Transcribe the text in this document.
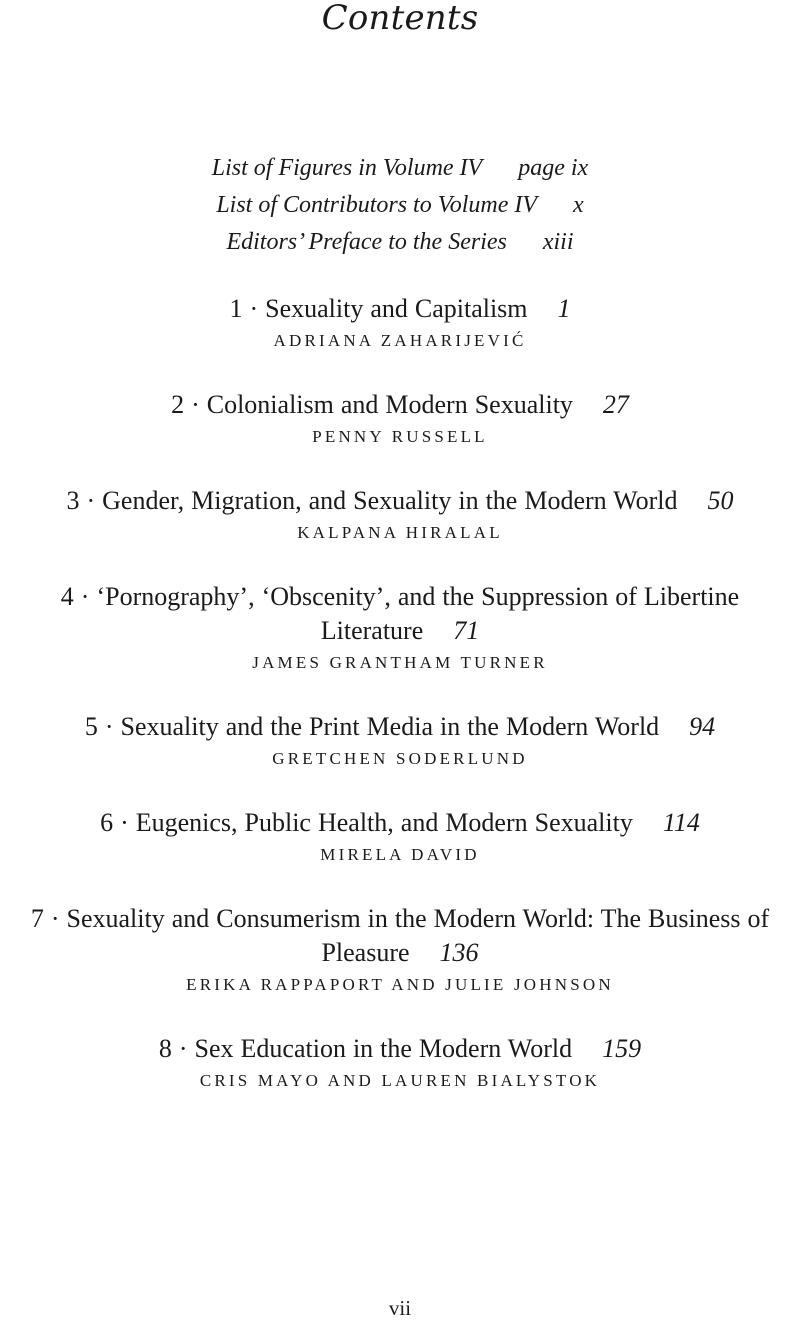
Contents
List of Figures in Volume IV page ix
List of Contributors to Volume IV x
Editors’ Preface to the Series xiii
1 · Sexuality and Capitalism 1
ADRIANA ZAHARIJEVIĆ
2 · Colonialism and Modern Sexuality 27
PENNY RUSSELL
3 · Gender, Migration, and Sexuality in the Modern World 50
KALPANA HIRALAL
4 · ‘Pornography’, ‘Obscenity’, and the Suppression of Libertine Literature 71
JAMES GRANTHAM TURNER
5 · Sexuality and the Print Media in the Modern World 94
GRETCHEN SODERLUND
6 · Eugenics, Public Health, and Modern Sexuality 114
MIRELA DAVID
7 · Sexuality and Consumerism in the Modern World: The Business of Pleasure 136
ERIKA RAPPAPORT AND JULIE JOHNSON
8 · Sex Education in the Modern World 159
CRIS MAYO AND LAUREN BIALYSTOK
vii
